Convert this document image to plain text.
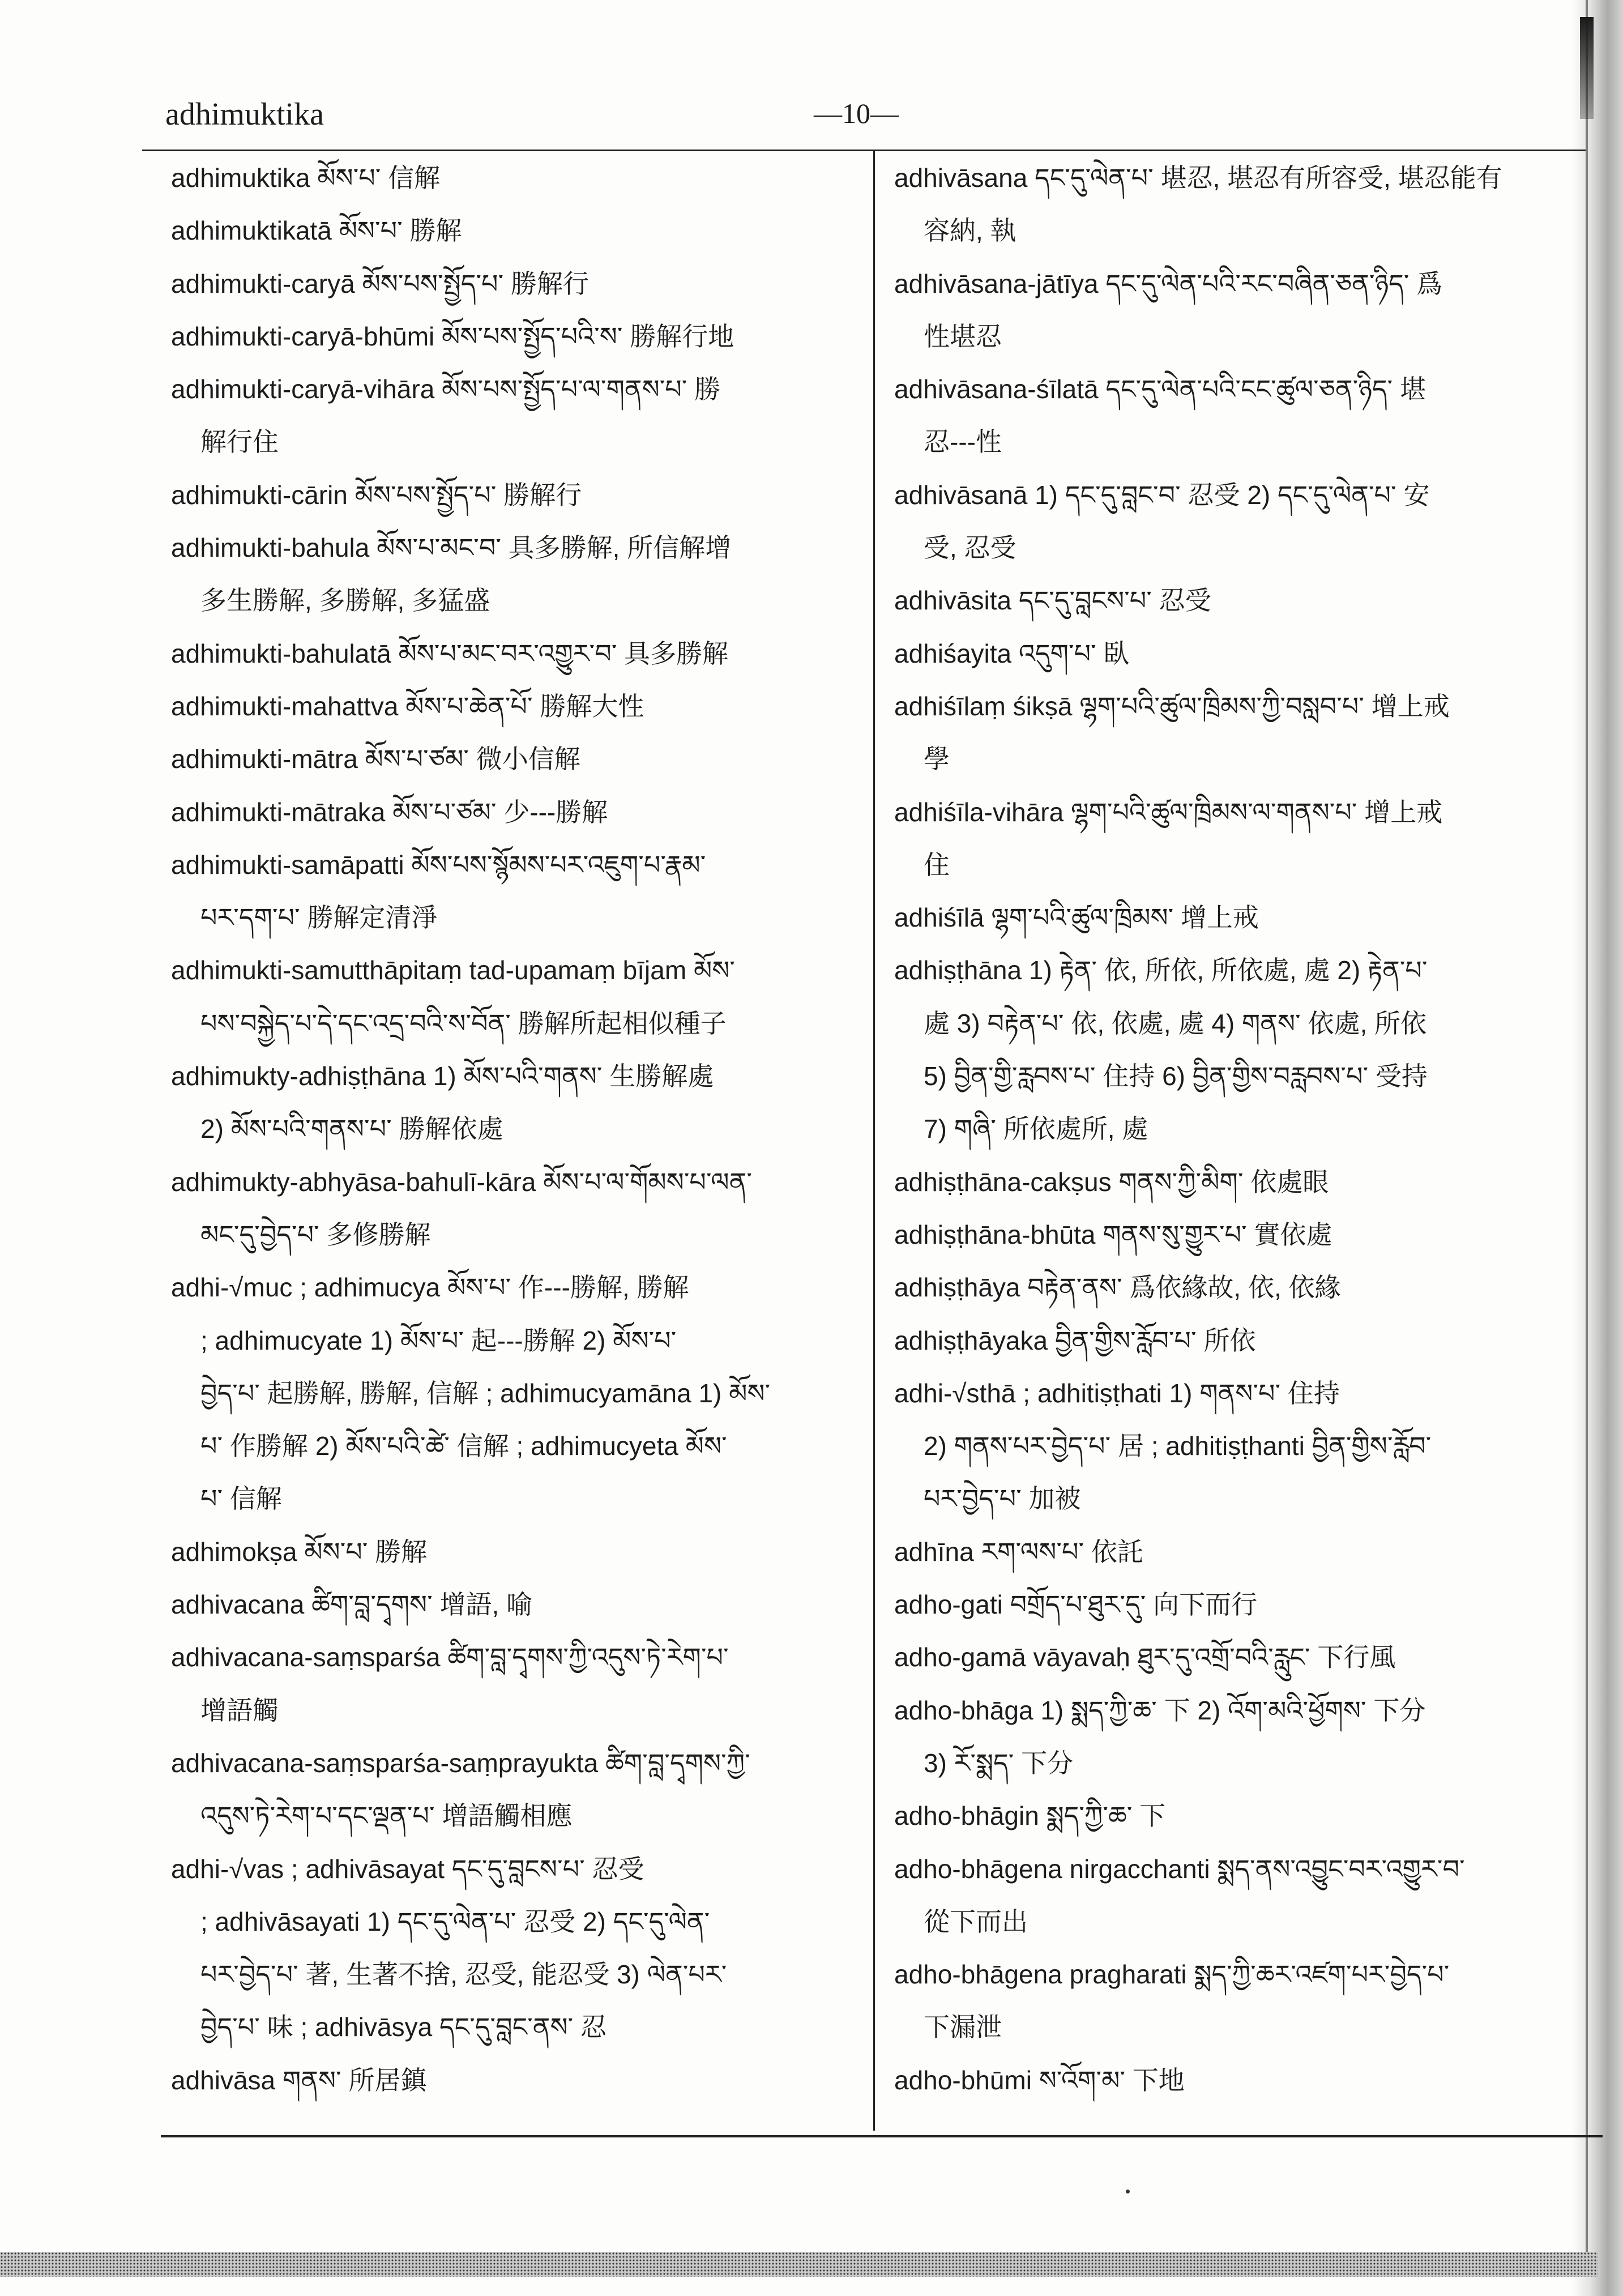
adhimuktika	—10—
adhimuktika མོས་པ་ 信解
adhimuktikatā མོས་པ་ 勝解
adhimukti-caryā མོས་པས་སྤྱོད་པ་ 勝解行
adhimukti-caryā-bhūmi མོས་པས་སྤྱོད་པའི་ས་ 勝解行地
adhimukti-caryā-vihāra མོས་པས་སྤྱོད་པ་ལ་གནས་པ་ 勝
解行住
adhimukti-cārin མོས་པས་སྤྱོད་པ་ 勝解行
adhimukti-bahula མོས་པ་མང་བ་ 具多勝解, 所信解增
多生勝解, 多勝解, 多猛盛
adhimukti-bahulatā མོས་པ་མང་བར་འགྱུར་བ་ 具多勝解
adhimukti-mahattva མོས་པ་ཆེན་པོ་ 勝解大性
adhimukti-mātra མོས་པ་ཙམ་ 微小信解
adhimukti-mātraka མོས་པ་ཙམ་ 少---勝解
adhimukti-samāpatti མོས་པས་སྙོམས་པར་འཇུག་པ་རྣམ་
པར་དག་པ་ 勝解定清淨
adhimukti-samutthāpitaṃ tad-upamaṃ bījam མོས་
པས་བསྐྱེད་པ་དེ་དང་འདྲ་བའི་ས་བོན་ 勝解所起相似種子
adhimukty-adhiṣṭhāna 1) མོས་པའི་གནས་ 生勝解處
2) མོས་པའི་གནས་པ་ 勝解依處
adhimukty-abhyāsa-bahulī-kāra མོས་པ་ལ་གོམས་པ་ལན་
མང་དུ་བྱེད་པ་ 多修勝解
adhi-√muc ; adhimucya མོས་པ་ 作---勝解, 勝解
; adhimucyate 1) མོས་པ་ 起---勝解 2) མོས་པ་
བྱེད་པ་ 起勝解, 勝解, 信解 ; adhimucyamāna 1) མོས་
པ་ 作勝解 2) མོས་པའི་ཚེ་ 信解 ; adhimucyeta མོས་
པ་ 信解
adhimokṣa མོས་པ་ 勝解
adhivacana ཚིག་བླ་དྭགས་ 增語, 喻
adhivacana-saṃsparśa ཚིག་བླ་དྭགས་ཀྱི་འདུས་ཏེ་རེག་པ་
增語觸
adhivacana-saṃsparśa-saṃprayukta ཚིག་བླ་དྭགས་ཀྱི་
འདུས་ཏེ་རེག་པ་དང་ལྡན་པ་ 增語觸相應
adhi-√vas ; adhivāsayat དང་དུ་བླངས་པ་ 忍受
; adhivāsayati 1) དང་དུ་ལེན་པ་ 忍受 2) དང་དུ་ལེན་
པར་བྱེད་པ་ 著, 生著不捨, 忍受, 能忍受 3) ལེན་པར་
བྱེད་པ་ 味 ; adhivāsya དང་དུ་བླང་ནས་ 忍
adhivāsa གནས་ 所居鎮
adhivāsana དང་དུ་ལེན་པ་ 堪忍, 堪忍有所容受, 堪忍能有
容納, 執
adhivāsana-jātīya དང་དུ་ལེན་པའི་རང་བཞིན་ཅན་ཉིད་ 爲
性堪忍
adhivāsana-śīlatā དང་དུ་ལེན་པའི་ངང་ཚུལ་ཅན་ཉིད་ 堪
忍---性
adhivāsanā 1) དང་དུ་བླང་བ་ 忍受 2) དང་དུ་ལེན་པ་ 安
受, 忍受
adhivāsita དང་དུ་བླངས་པ་ 忍受
adhiśayita འདུག་པ་ 臥
adhiśīlaṃ śikṣā ལྷག་པའི་ཚུལ་ཁྲིམས་ཀྱི་བསླབ་པ་ 增上戒
學
adhiśīla-vihāra ལྷག་པའི་ཚུལ་ཁྲིམས་ལ་གནས་པ་ 增上戒
住
adhiśīlā ལྷག་པའི་ཚུལ་ཁྲིམས་ 增上戒
adhiṣṭhāna 1) རྟེན་ 依, 所依, 所依處, 處 2) རྟེན་པ་
處 3) བརྟེན་པ་ 依, 依處, 處 4) གནས་ 依處, 所依
5) བྱིན་གྱི་རླབས་པ་ 住持 6) བྱིན་གྱིས་བརླབས་པ་ 受持
7) གཞི་ 所依處所, 處
adhiṣṭhāna-cakṣus གནས་ཀྱི་མིག་ 依處眼
adhiṣṭhāna-bhūta གནས་སུ་གྱུར་པ་ 實依處
adhiṣṭhāya བརྟེན་ནས་ 爲依緣故, 依, 依緣
adhiṣṭhāyaka བྱིན་གྱིས་རློབ་པ་ 所依
adhi-√sthā ; adhitiṣṭhati 1) གནས་པ་ 住持
2) གནས་པར་བྱེད་པ་ 居 ; adhitiṣṭhanti བྱིན་གྱིས་རློབ་
པར་བྱེད་པ་ 加被
adhīna རག་ལས་པ་ 依託
adho-gati བགྲོད་པ་ཐུར་དུ་ 向下而行
adho-gamā vāyavaḥ ཐུར་དུ་འགྲོ་བའི་རླུང་ 下行風
adho-bhāga 1) སྨད་ཀྱི་ཆ་ 下 2) འོག་མའི་ཕྱོགས་ 下分
3) རོ་སྨད་ 下分
adho-bhāgin སྨད་ཀྱི་ཆ་ 下
adho-bhāgena nirgacchanti སྨད་ནས་འབྱུང་བར་འགྱུར་བ་
從下而出
adho-bhāgena pragharati སྨད་ཀྱི་ཆར་འཛག་པར་བྱེད་པ་
下漏泄
adho-bhūmi ས་འོག་མ་ 下地
